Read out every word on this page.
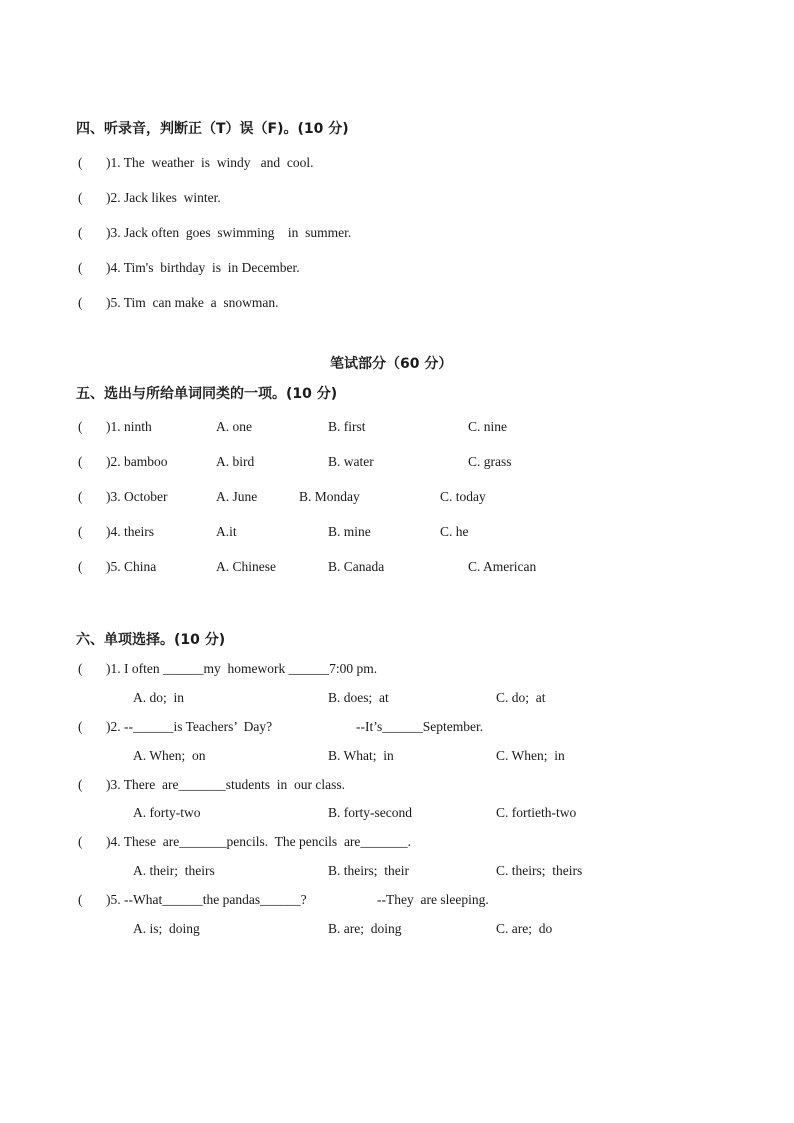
四、听录音，判断正（T）误（F)。(10 分)
( )1. The  weather  is  windy   and  cool.
( )2. Jack likes  winter.
( )3. Jack often  goes  swimming    in  summer.
( )4. Tim's  birthday  is  in December.
( )5. Tim  can make  a  snowman.
笔试部分（60 分）
五、选出与所给单词同类的一项。(10 分)
( )1. ninth	A. one	B. first	C. nine
( )2. bamboo	A. bird	B. water	C. grass
( )3. October	A. June	B. Monday	C. today
( )4. theirs	A.it	B. mine	C. he
( )5. China	A. Chinese	B. Canada	C. American
六、单项选择。(10 分)
( )1. I often ______my  homework ______7:00 pm.
A. do;  in	B. does;  at	C. do;  at
( )2. --______is Teachers’  Day?	--It’s______September.
A. When;  on	B. What;  in	C. When;  in
( )3. There  are_______students  in  our class.
A. forty-two	B. forty-second	C. fortieth-two
( )4. These  are_______pencils.  The pencils  are_______.
A. their;  theirs	B. theirs;  their	C. theirs;  theirs
( )5. --What______the pandas______?	--They  are sleeping.
A. is;  doing	B. are;  doing	C. are;  do
